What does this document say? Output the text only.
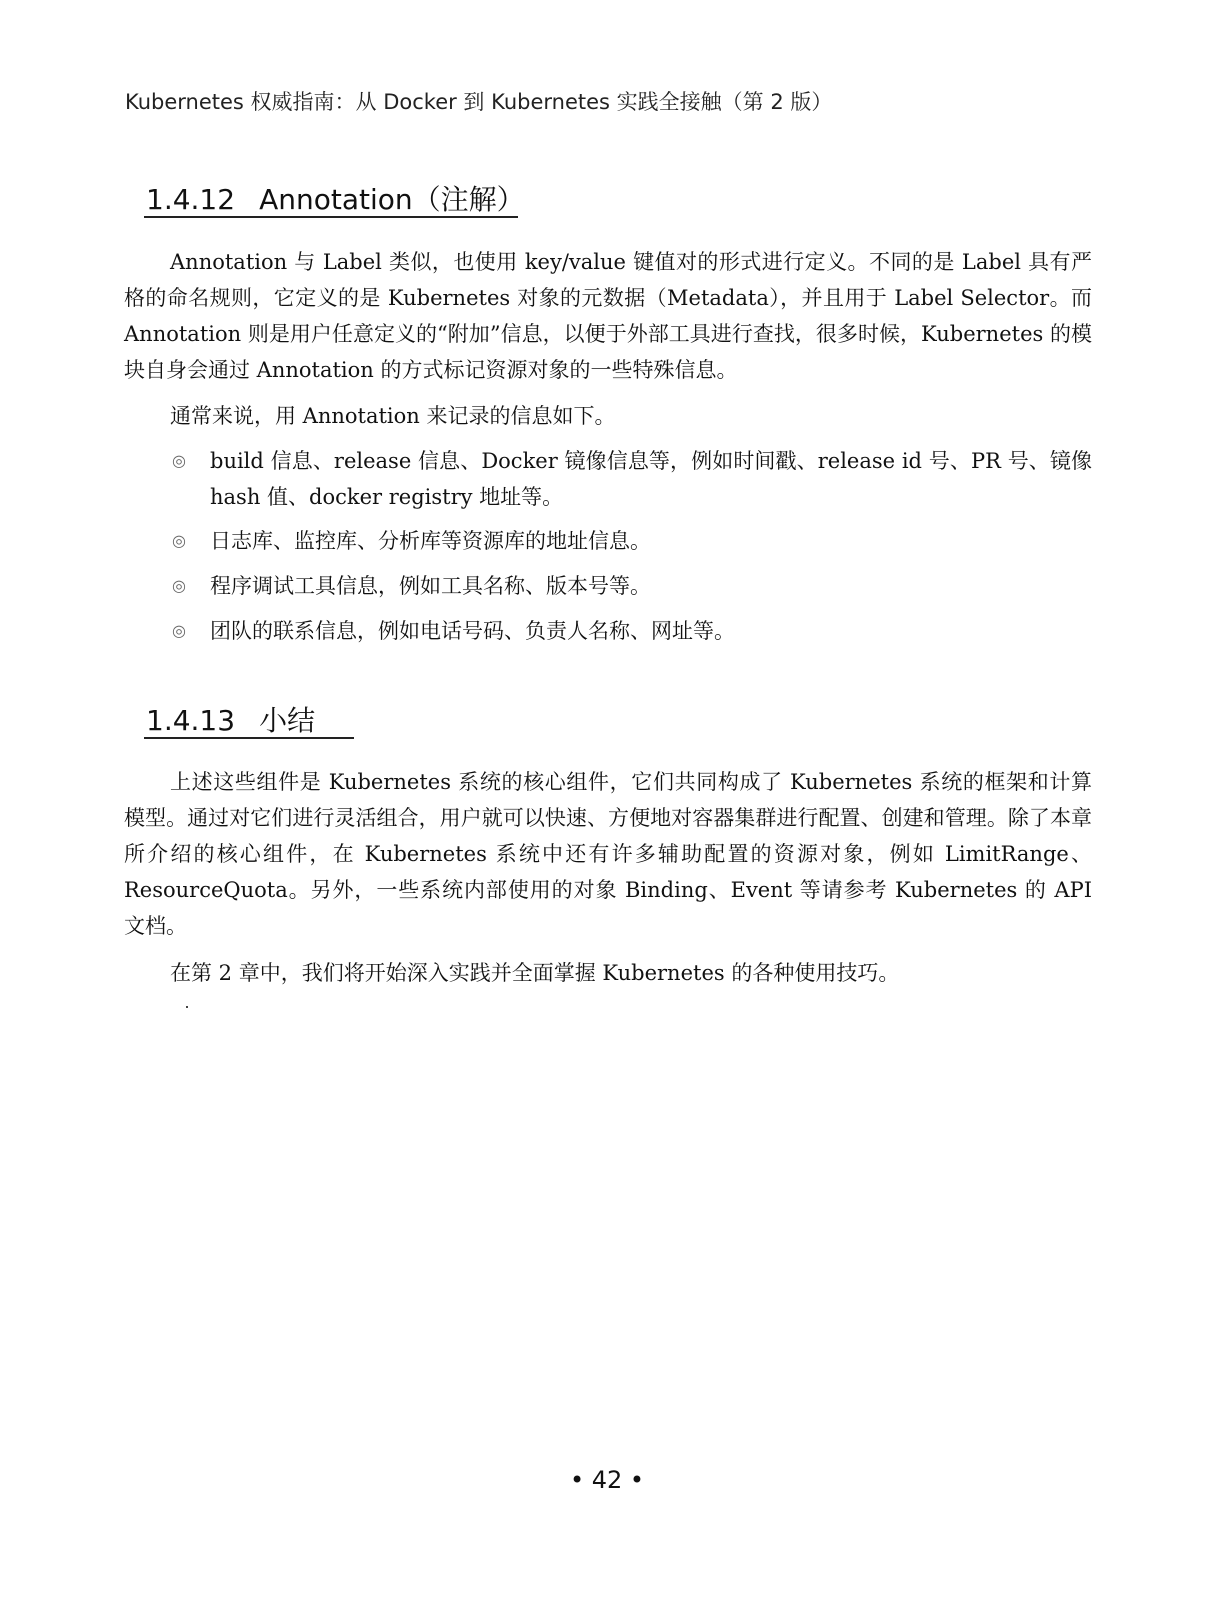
Kubernetes 权威指南：从 Docker 到 Kubernetes 实践全接触（第 2 版）
1.4.12 Annotation（注解）

Annotation 与 Label 类似，也使用 key/value 键值对的形式进行定义。不同的是 Label 具有严格的命名规则，它定义的是 Kubernetes 对象的元数据（Metadata），并且用于 Label Selector。而 Annotation 则是用户任意定义的“附加”信息，以便于外部工具进行查找，很多时候，Kubernetes 的模块自身会通过 Annotation 的方式标记资源对象的一些特殊信息。

通常来说，用 Annotation 来记录的信息如下。

◎ build 信息、release 信息、Docker 镜像信息等，例如时间戳、release id 号、PR 号、镜像 hash 值、docker registry 地址等。
◎ 日志库、监控库、分析库等资源库的地址信息。
◎ 程序调试工具信息，例如工具名称、版本号等。
◎ 团队的联系信息，例如电话号码、负责人名称、网址等。
1.4.13 小结

上述这些组件是 Kubernetes 系统的核心组件，它们共同构成了 Kubernetes 系统的框架和计算模型。通过对它们进行灵活组合，用户就可以快速、方便地对容器集群进行配置、创建和管理。除了本章所介绍的核心组件，在 Kubernetes 系统中还有许多辅助配置的资源对象，例如 LimitRange、ResourceQuota。另外，一些系统内部使用的对象 Binding、Event 等请参考 Kubernetes 的 API 文档。

在第 2 章中，我们将开始深入实践并全面掌握 Kubernetes 的各种使用技巧。

• 42 •
